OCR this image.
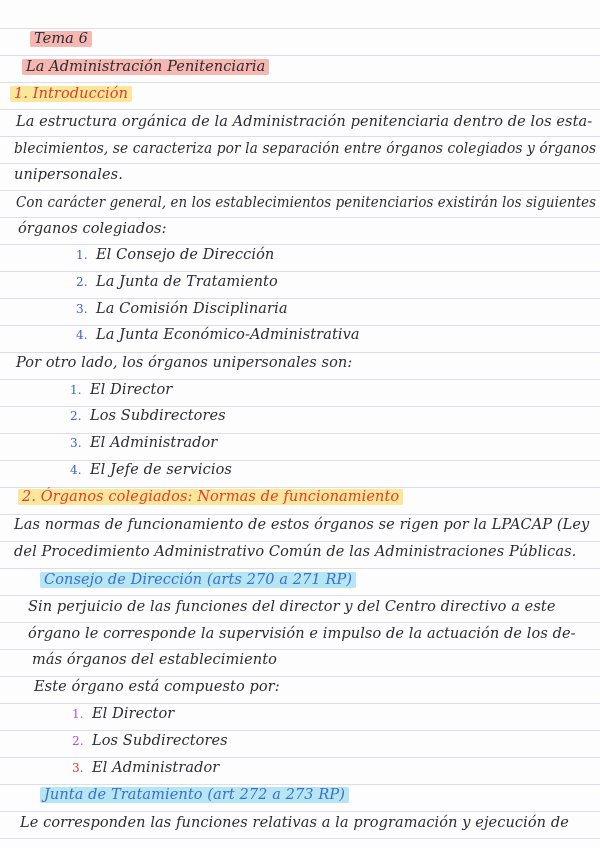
Tema 6
La Administración Penitenciaria
1. Introducción
La estructura orgánica de la Administración penitenciaria dentro de los esta-
blecimientos, se caracteriza por la separación entre órganos colegiados y órganos
unipersonales.
Con carácter general, en los establecimientos penitenciarios existirán los siguientes
órganos colegiados:
1. El Consejo de Dirección
2. La Junta de Tratamiento
3. La Comisión Disciplinaria
4. La Junta Económico-Administrativa
Por otro lado, los órganos unipersonales son:
1. El Director
2. Los Subdirectores
3. El Administrador
4. El Jefe de servicios
2. Órganos colegiados: Normas de funcionamiento
Las normas de funcionamiento de estos órganos se rigen por la LPACAP (Ley
del Procedimiento Administrativo Común de las Administraciones Públicas.
Consejo de Dirección (arts 270 a 271 RP)
Sin perjuicio de las funciones del director y del Centro directivo a este
órgano le corresponde la supervisión e impulso de la actuación de los de-
más órganos del establecimiento
Este órgano está compuesto por:
1. El Director
2. Los Subdirectores
3. El Administrador
Junta de Tratamiento (art 272 a 273 RP)
Le corresponden las funciones relativas a la programación y ejecución de
